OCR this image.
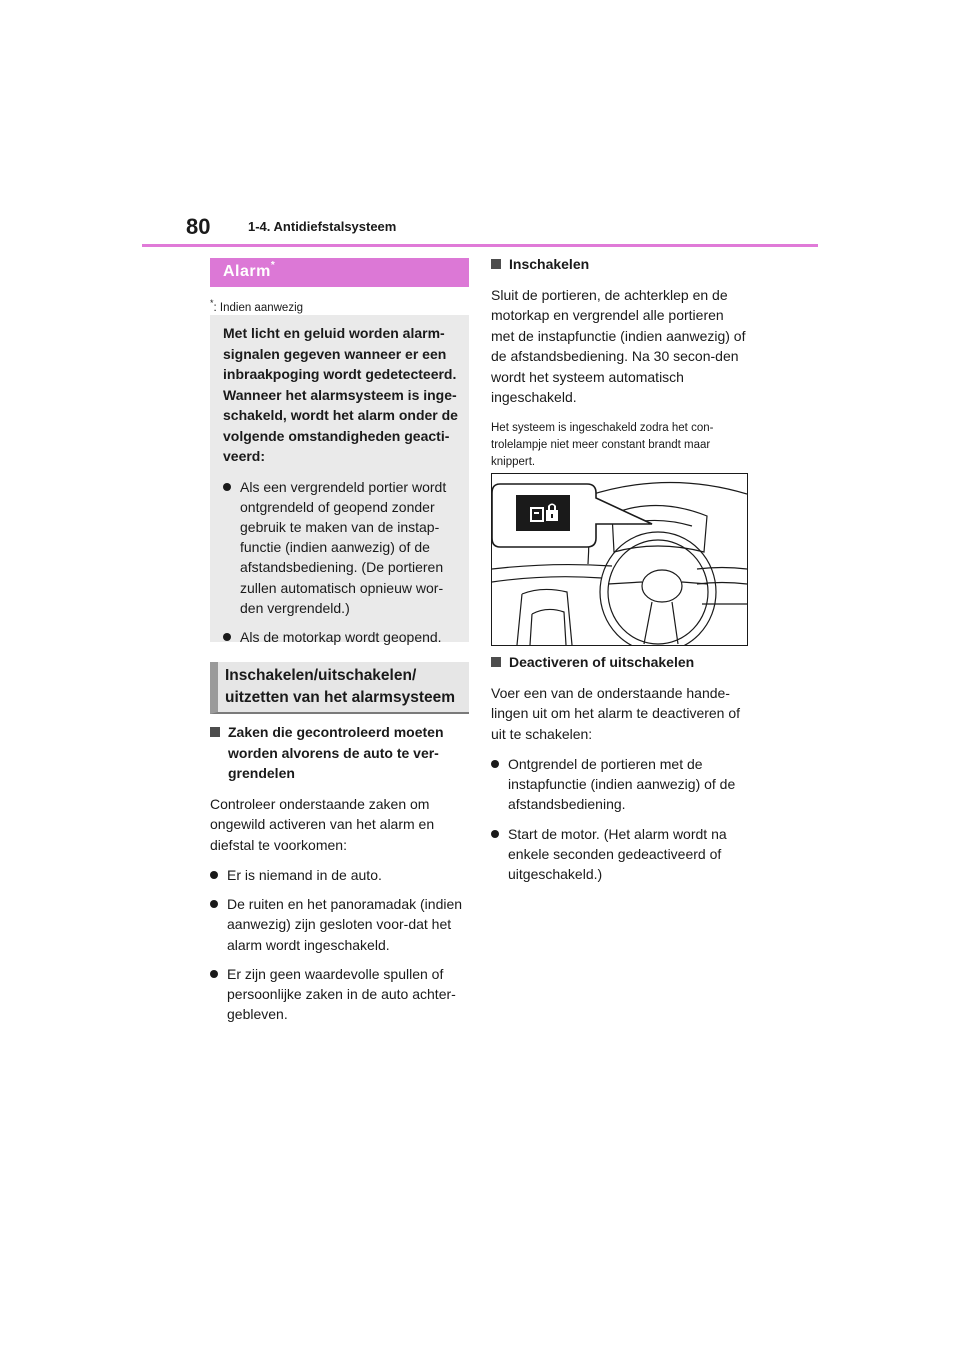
80	1-4. Antidiefstalsysteem
Alarm*
*: Indien aanwezig

Met licht en geluid worden alarm-signalen gegeven wanneer er een inbraakpoging wordt gedetecteerd. Wanneer het alarmsysteem is inge-schakeld, wordt het alarm onder de volgende omstandigheden geacti-veerd:

Als een vergrendeld portier wordt ontgrendeld of geopend zonder gebruik te maken van de instap-functie (indien aanwezig) of de afstandsbediening. (De portieren zullen automatisch opnieuw wor-den vergrendeld.)
Als de motorkap wordt geopend.
Inschakelen/uitschakelen/ uitzetten van het alarmsysteem
Zaken die gecontroleerd moeten worden alvorens de auto te ver-grendelen
Controleer onderstaande zaken om ongewild activeren van het alarm en diefstal te voorkomen:
Er is niemand in de auto.
De ruiten en het panoramadak (indien aanwezig) zijn gesloten voor-dat het alarm wordt ingeschakeld.
Er zijn geen waardevolle spullen of persoonlijke zaken in de auto achter-gebleven.
Inschakelen
Sluit de portieren, de achterklep en de motorkap en vergrendel alle portieren met de instapfunctie (indien aanwezig) of de afstandsbediening. Na 30 secon-den wordt het systeem automatisch ingeschakeld.
Het systeem is ingeschakeld zodra het con-trolelampje niet meer constant brandt maar knippert.
Deactiveren of uitschakelen
Voer een van de onderstaande hande-lingen uit om het alarm te deactiveren of uit te schakelen:
Ontgrendel de portieren met de instapfunctie (indien aanwezig) of de afstandsbediening.
Start de motor. (Het alarm wordt na enkele seconden gedeactiveerd of uitgeschakeld.)
